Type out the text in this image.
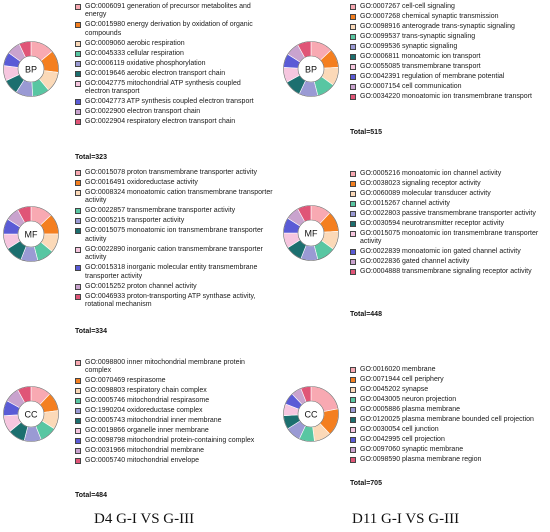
BP
GO:0006091 generation of precursor metabolites and energy
GO:0015980 energy derivation by oxidation of organic compounds
GO:0009060 aerobic respiration
GO:0045333 cellular respiration
GO:0006119 oxidative phosphorylation
GO:0019646 aerobic electron transport chain
GO:0042775 mitochondrial ATP synthesis coupled electron transport
GO:0042773 ATP synthesis coupled electron transport
GO:0022900 electron transport chain
GO:0022904 respiratory electron transport chain
Total=323
BP
GO:0007267 cell-cell signaling
GO:0007268 chemical synaptic transmission
GO:0098916 anterograde trans-synaptic signaling
GO:0099537 trans-synaptic signaling
GO:0099536 synaptic signaling
GO:0006811 monoatomic ion transport
GO:0055085 transmembrane transport
GO:0042391 regulation of membrane potential
GO:0007154 cell communication
GO:0034220 monoatomic ion transmembrane transport
Total=515
MF
GO:0015078 proton transmembrane transporter activity
GO:0016491 oxidoreductase activity
GO:0008324 monoatomic cation transmembrane transporter activity
GO:0022857 transmembrane transporter activity
GO:0005215 transporter activity
GO:0015075 monoatomic ion transmembrane transporter activity
GO:0022890 inorganic cation transmembrane transporter activity
GO:0015318 inorganic molecular entity transmembrane transporter activity
GO:0015252 proton channel activity
GO:0046933 proton-transporting ATP synthase activity, rotational mechanism
Total=334
MF
GO:0005216 monoatomic ion channel activity
GO:0038023 signaling receptor activity
GO:0060089 molecular transducer activity
GO:0015267 channel activity
GO:0022803 passive transmembrane transporter activity
GO:0030594 neurotransmitter receptor activity
GO:0015075 monoatomic ion transmembrane transporter activity
GO:0022839 monoatomic ion gated channel activity
GO:0022836 gated channel activity
GO:0004888 transmembrane signaling receptor activity
Total=448
CC
GO:0098800 inner mitochondrial membrane protein complex
GO:0070469 respirasome
GO:0098803 respiratory chain complex
GO:0005746 mitochondrial respirasome
GO:1990204 oxidoreductase complex
GO:0005743 mitochondrial inner membrane
GO:0019866 organelle inner membrane
GO:0098798 mitochondrial protein-containing complex
GO:0031966 mitochondrial membrane
GO:0005740 mitochondrial envelope
Total=484
CC
GO:0016020 membrane
GO:0071944 cell periphery
GO:0045202 synapse
GO:0043005 neuron projection
GO:0005886 plasma membrane
GO:0120025 plasma membrane bounded cell projection
GO:0030054 cell junction
GO:0042995 cell projection
GO:0097060 synaptic membrane
GO:0098590 plasma membrane region
Total=705
D4 G-I VS G-III	D11 G-I VS G-III
